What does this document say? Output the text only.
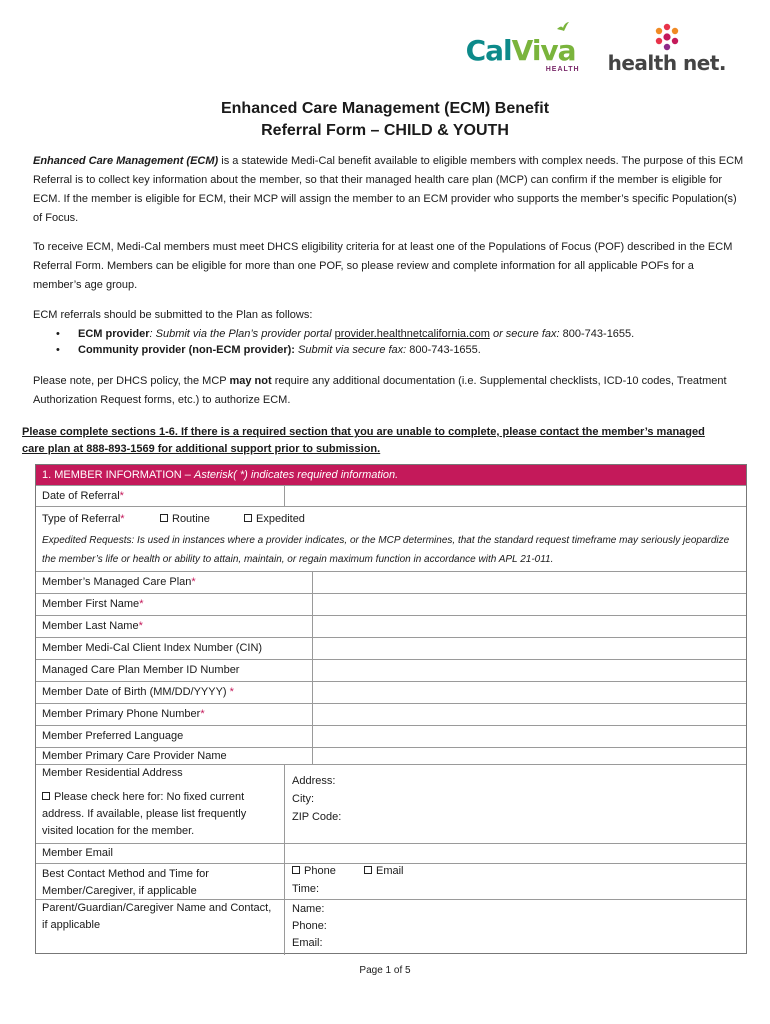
CalViva
HEALTH health net.
Enhanced Care Management (ECM) Benefit
Referral Form – CHILD & YOUTH
Enhanced Care Management (ECM) is a statewide Medi-Cal benefit available to eligible members with complex needs. The purpose of this ECM Referral is to collect key information about the member, so that their managed health care plan (MCP) can confirm if the member is eligible for ECM. If the member is eligible for ECM, their MCP will assign the member to an ECM provider who supports the member’s specific Population(s) of Focus.
To receive ECM, Medi-Cal members must meet DHCS eligibility criteria for at least one of the Populations of Focus (POF) described in the ECM Referral Form. Members can be eligible for more than one POF, so please review and complete information for all applicable POFs for a member’s age group.
ECM referrals should be submitted to the Plan as follows:
• ECM provider: Submit via the Plan’s provider portal provider.healthnetcalifornia.com or secure fax: 800-743-1655.
• Community provider (non-ECM provider): Submit via secure fax: 800-743-1655.
Please note, per DHCS policy, the MCP may not require any additional documentation (i.e. Supplemental checklists, ICD-10 codes, Treatment Authorization Request forms, etc.) to authorize ECM.
Please complete sections 1-6. If there is a required section that you are unable to complete, please contact the member’s managed care plan at 888-893-1569 for additional support prior to submission.
1. MEMBER INFORMATION – Asterisk( *) indicates required information.
Date of Referral*
Type of Referral*	Routine	Expedited
Expedited Requests: Is used in instances where a provider indicates, or the MCP determines, that the standard request timeframe may seriously jeopardize the member’s life or health or ability to attain, maintain, or regain maximum function in accordance with APL 21-011.
Member’s Managed Care Plan*
Member First Name*
Member Last Name*
Member Medi-Cal Client Index Number (CIN)
Managed Care Plan Member ID Number
Member Date of Birth (MM/DD/YYYY) *
Member Primary Phone Number*
Member Preferred Language
Member Primary Care Provider Name
Member Residential Address
Please check here for: No fixed current address. If available, please list frequently visited location for the member.
Address:
City:
ZIP Code:
Member Email
Best Contact Method and Time for Member/Caregiver, if applicable
Phone	Email
Time:
Parent/Guardian/Caregiver Name and Contact, if applicable
Name:
Phone:
Email:
Page 1 of 5
